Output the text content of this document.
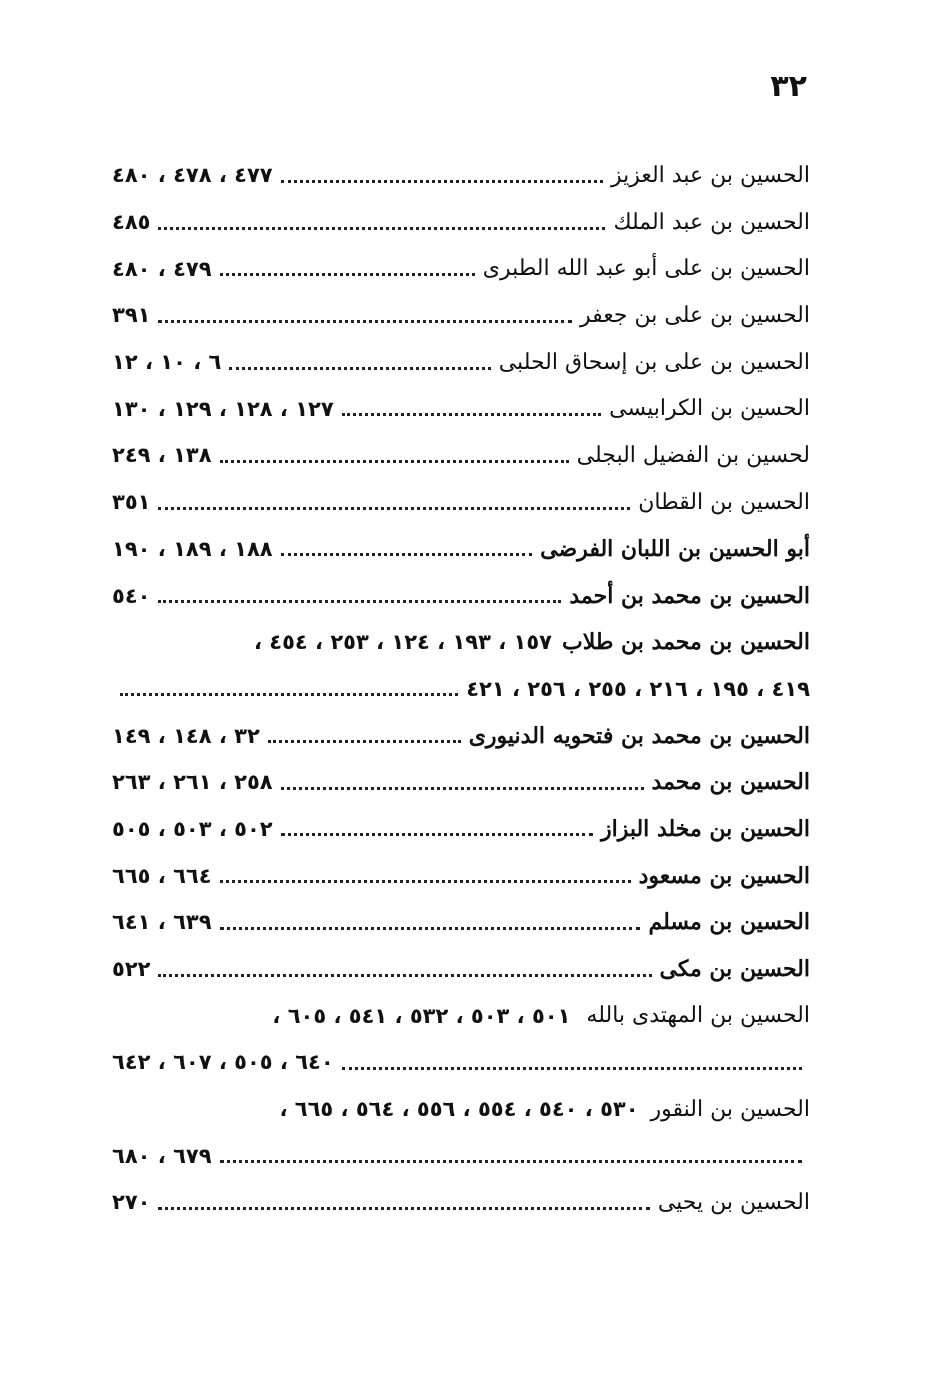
٣٢
الحسين بن عبد العزيز
٤٧٧ ، ٤٧٨ ، ٤٨٠
الحسين بن عبد الملك
٤٨٥
الحسين بن على أبو عبد الله الطبرى
٤٧٩ ، ٤٨٠
الحسين بن على بن جعفر
٣٩١
الحسين بن على بن إسحاق الحلبى
٦ ، ١٠ ، ١٢
الحسين بن الكرابيسى
١٢٧ ، ١٢٨ ، ١٢٩ ، ١٣٠
لحسين بن الفضيل البجلى
١٣٨ ، ٢٤٩
الحسين بن القطان
٣٥١
أبو الحسين بن اللبان الفرضى
١٨٨ ، ١٨٩ ، ١٩٠
الحسين بن محمد بن أحمد
٥٤٠
الحسين بن محمد بن طلاب
١٥٧ ، ١٩٣ ، ١٢٤ ، ٢٥٣ ، ٤٥٤ ،
٤١٩ ، ١٩٥ ، ٢١٦ ، ٢٥٥ ، ٢٥٦ ، ٤٢١
الحسين بن محمد بن فتحويه الدنيورى
٣٢ ، ١٤٨ ، ١٤٩
الحسين بن محمد
٢٥٨ ، ٢٦١ ، ٢٦٣
الحسين بن مخلد البزاز
٥٠٢ ، ٥٠٣ ، ٥٠٥
الحسين بن مسعود
٦٦٤ ، ٦٦٥
الحسين بن مسلم
٦٣٩ ، ٦٤١
الحسين بن مكى
٥٢٢
الحسين بن المهتدى بالله
٥٠١ ، ٥٠٣ ، ٥٣٢ ، ٥٤١ ، ٦٠٥ ،
٦٤٠ ، ٥٠٥ ، ٦٠٧ ، ٦٤٢
الحسين بن النقور
٥٣٠ ، ٥٤٠ ، ٥٥٤ ، ٥٥٦ ، ٥٦٤ ، ٦٦٥ ،
٦٧٩ ، ٦٨٠
الحسين بن يحيى
٢٧٠
